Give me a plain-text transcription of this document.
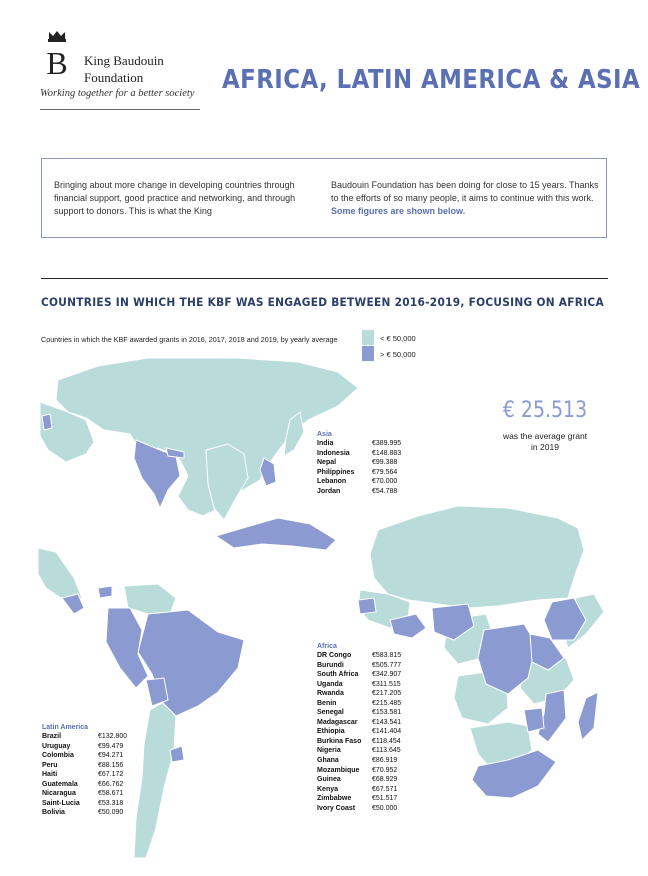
B King Baudouin
Foundation
Working together for a better society AFRICA, LATIN AMERICA & ASIA
Bringing about more change in developing countries through financial support, good practice and networking, and through support to donors. This is what the King
Baudouin Foundation has been doing for close to 15 years. Thanks to the efforts of so many people, it aims to continue with this work. Some figures are shown below.
COUNTRIES IN WHICH THE KBF WAS ENGAGED BETWEEN 2016-2019, FOCUSING ON AFRICA
Countries in which the KBF awarded grants in 2016, 2017, 2018 and 2019, by yearly average	< € 50,000
> € 50,000
€ 25.513
was the average grant
in 2019
Asia
India	€389.995
Indonesia	€148.883
Nepal	€99.388
Philippines	€79.564
Lebanon	€70.000
Jordan	€54.788
Africa
DR Congo	€583.815
Burundi	€505.777
South Africa	€342.907
Uganda	€311.515
Rwanda	€217.205
Benin	€215.485
Senegal	€153.581
Madagascar	€143.541
Ethiopia	€141.404
Burkina Faso	€118.454
Nigeria	€113.645
Ghana	€86.919
Mozambique	€70.952
Guinea	€68.929
Kenya	€67.571
Zimbabwe	€51.517
Ivory Coast	€50.000
Latin America
Brazil	€132.800
Uruguay	€99.479
Colombia	€94.271
Peru	€88.156
Haiti	€67.172
Guatemala	€66.762
Nicaragua	€58.671
Saint-Lucia	€53.318
Bolivia	€50.090
